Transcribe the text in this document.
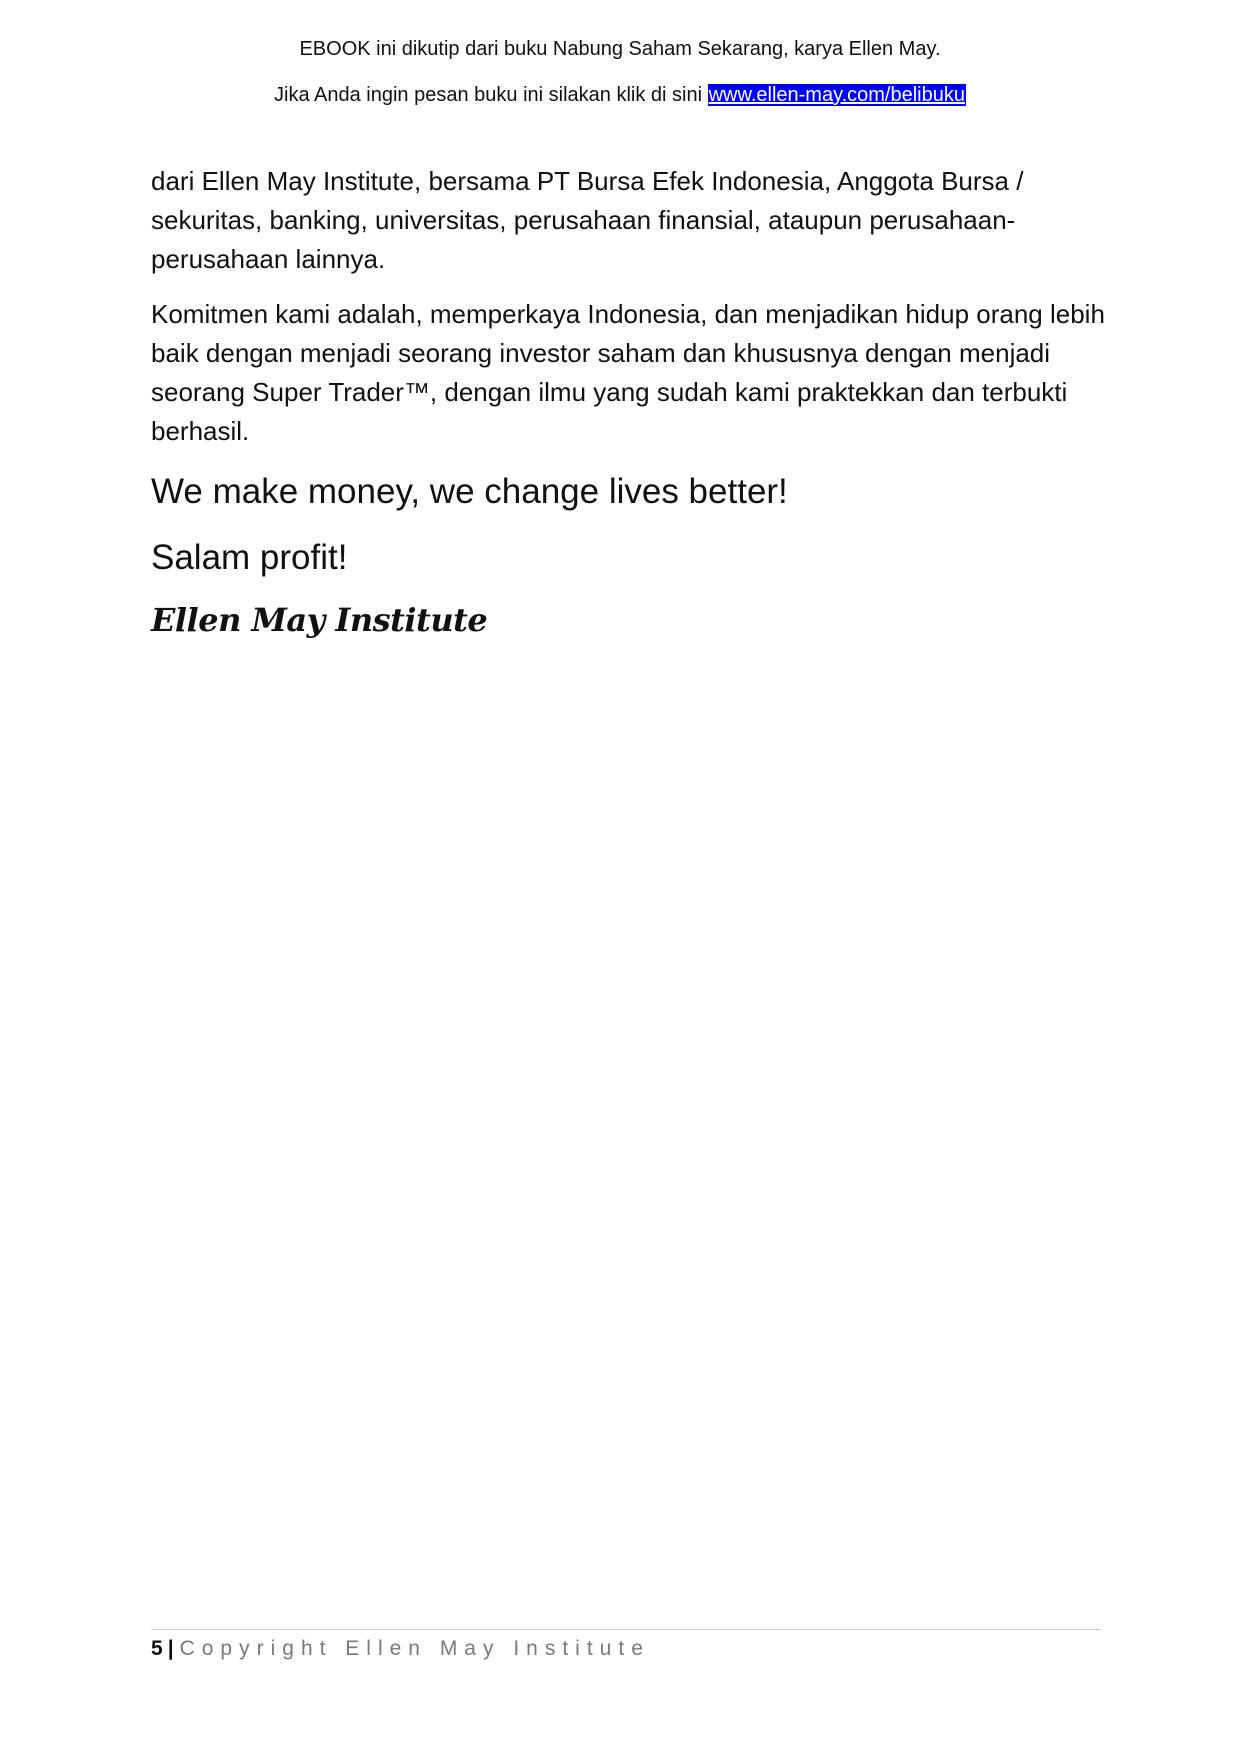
EBOOK ini dikutip dari buku Nabung Saham Sekarang, karya Ellen May.
Jika Anda ingin pesan buku ini silakan klik di sini www.ellen-may.com/belibuku

dari Ellen May Institute, bersama PT Bursa Efek Indonesia, Anggota Bursa / sekuritas, banking, universitas, perusahaan finansial, ataupun perusahaan-perusahaan lainnya.

Komitmen kami adalah, memperkaya Indonesia, dan menjadikan hidup orang lebih baik dengan menjadi seorang investor saham dan khususnya dengan menjadi seorang Super Trader™, dengan ilmu yang sudah kami praktekkan dan terbukti berhasil.

We make money, we change lives better!

Salam profit!

Ellen May Institute

5 | Copyright Ellen May Institute
